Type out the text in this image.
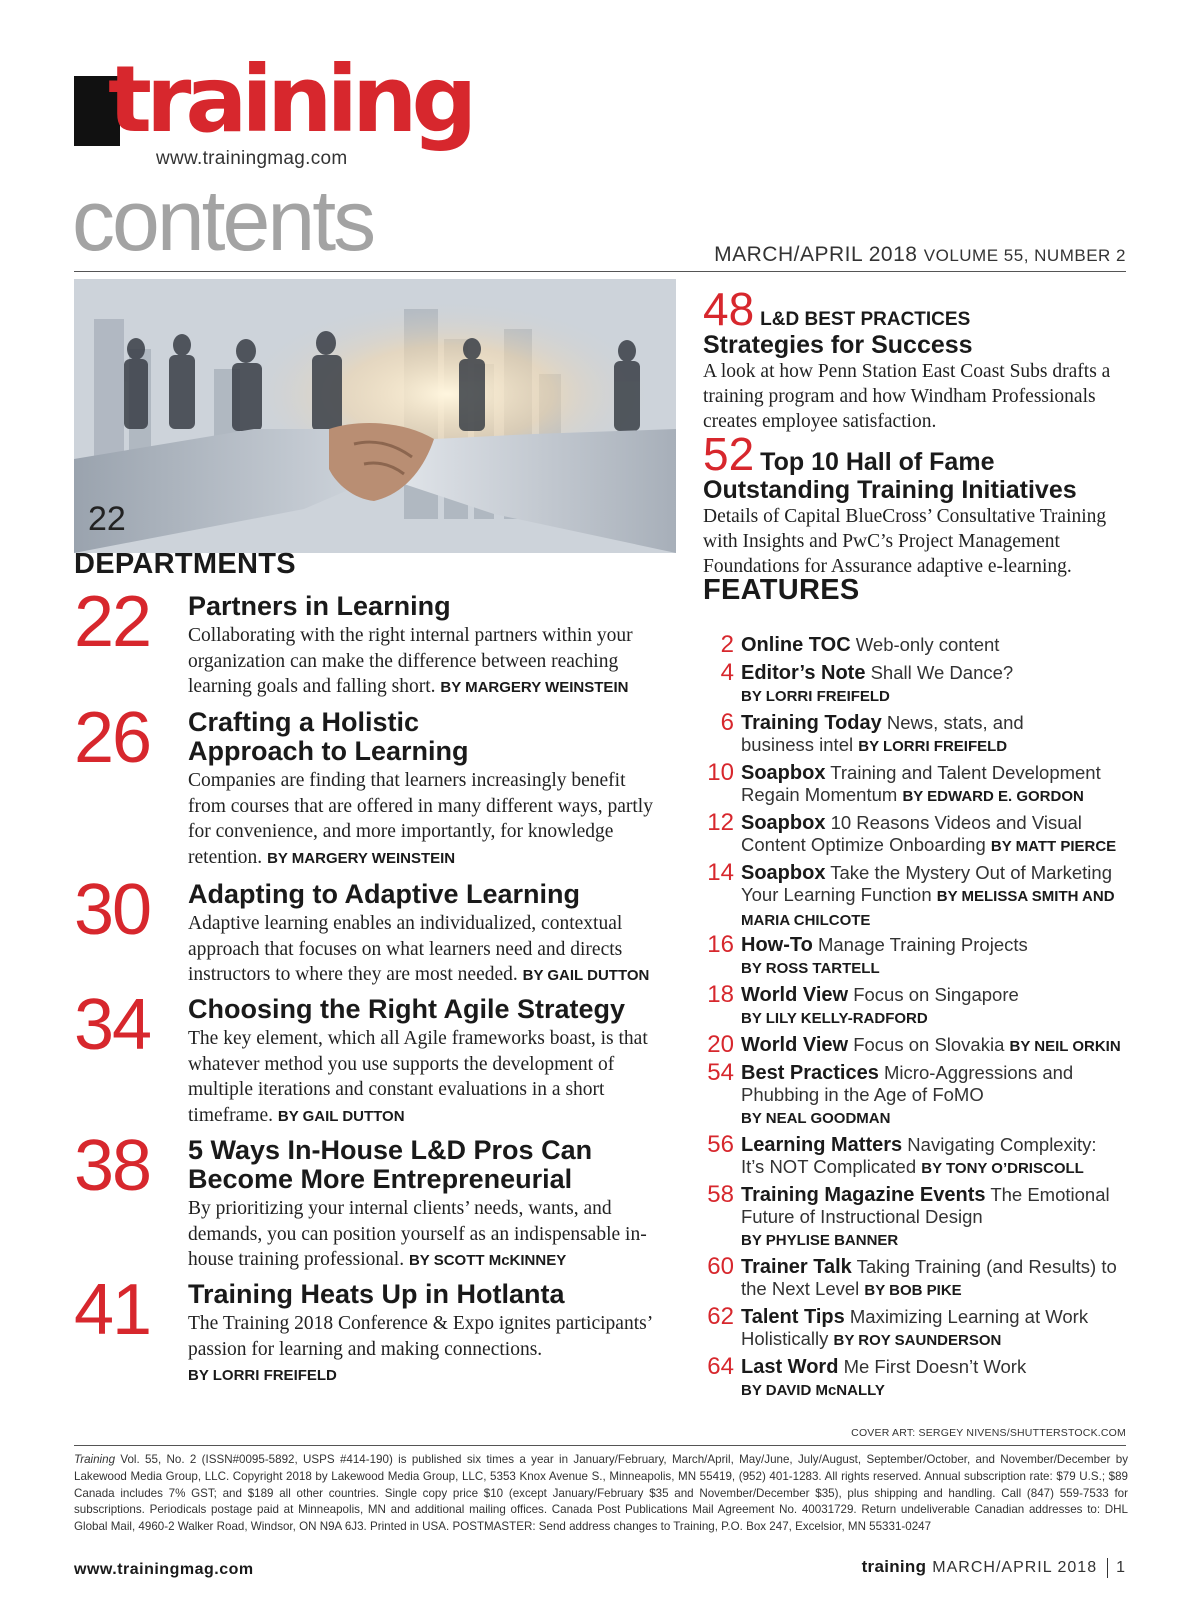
training
www.trainingmag.com
contents	MARCH/APRIL 2018 VOLUME 55, NUMBER 2
22
DEPARTMENTS
22 Partners in Learning
Collaborating with the right internal partners within your organization can make the difference between reaching learning goals and falling short. BY MARGERY WEINSTEIN
26 Crafting a Holistic Approach to Learning
Companies are finding that learners increasingly benefit from courses that are offered in many different ways, partly for convenience, and more importantly, for knowledge retention. BY MARGERY WEINSTEIN
30 Adapting to Adaptive Learning
Adaptive learning enables an individualized, contextual approach that focuses on what learners need and directs instructors to where they are most needed. BY GAIL DUTTON
34 Choosing the Right Agile Strategy
The key element, which all Agile frameworks boast, is that whatever method you use supports the development of multiple iterations and constant evaluations in a short timeframe. BY GAIL DUTTON
38 5 Ways In-House L&D Pros Can Become More Entrepreneurial
By prioritizing your internal clients’ needs, wants, and demands, you can position yourself as an indispensable in-house training professional. BY SCOTT McKINNEY
41 Training Heats Up in Hotlanta
The Training 2018 Conference & Expo ignites participants’ passion for learning and making connections.
BY LORRI FREIFELD
48 L&D BEST PRACTICES
Strategies for Success
A look at how Penn Station East Coast Subs drafts a training program and how Windham Professionals creates employee satisfaction.
52 Top 10 Hall of Fame
Outstanding Training Initiatives
Details of Capital BlueCross’ Consultative Training with Insights and PwC’s Project Management Foundations for Assurance adaptive e-learning.
FEATURES
2 Online TOC Web-only content
4 Editor’s Note Shall We Dance?
BY LORRI FREIFELD
6 Training Today News, stats, and business intel BY LORRI FREIFELD
10 Soapbox Training and Talent Development Regain Momentum BY EDWARD E. GORDON
12 Soapbox 10 Reasons Videos and Visual Content Optimize Onboarding BY MATT PIERCE
14 Soapbox Take the Mystery Out of Marketing Your Learning Function BY MELISSA SMITH AND MARIA CHILCOTE
16 How-To Manage Training Projects
BY ROSS TARTELL
18 World View Focus on Singapore
BY LILY KELLY-RADFORD
20 World View Focus on Slovakia BY NEIL ORKIN
54 Best Practices Micro-Aggressions and Phubbing in the Age of FoMO
BY NEAL GOODMAN
56 Learning Matters Navigating Complexity: It’s NOT Complicated BY TONY O’DRISCOLL
58 Training Magazine Events The Emotional Future of Instructional Design
BY PHYLISE BANNER
60 Trainer Talk Taking Training (and Results) to the Next Level BY BOB PIKE
62 Talent Tips Maximizing Learning at Work Holistically BY ROY SAUNDERSON
64 Last Word Me First Doesn’t Work
BY DAVID McNALLY
COVER ART: SERGEY NIVENS/SHUTTERSTOCK.COM
Training Vol. 55, No. 2 (ISSN#0095-5892, USPS #414-190) is published six times a year in January/February, March/April, May/June, July/August, September/October, and November/December by Lakewood Media Group, LLC. Copyright 2018 by Lakewood Media Group, LLC, 5353 Knox Avenue S., Minneapolis, MN 55419, (952) 401-1283. All rights reserved. Annual subscription rate: $79 U.S.; $89 Canada includes 7% GST; and $189 all other countries. Single copy price $10 (except January/February $35 and November/December $35), plus shipping and handling. Call (847) 559-7533 for subscriptions. Periodicals postage paid at Minneapolis, MN and additional mailing offices. Canada Post Publications Mail Agreement No. 40031729. Return undeliverable Canadian addresses to: DHL Global Mail, 4960-2 Walker Road, Windsor, ON N9A 6J3. Printed in USA. POSTMASTER: Send address changes to Training, P.O. Box 247, Excelsior, MN 55331-0247
www.trainingmag.com	training MARCH/APRIL 2018 1
